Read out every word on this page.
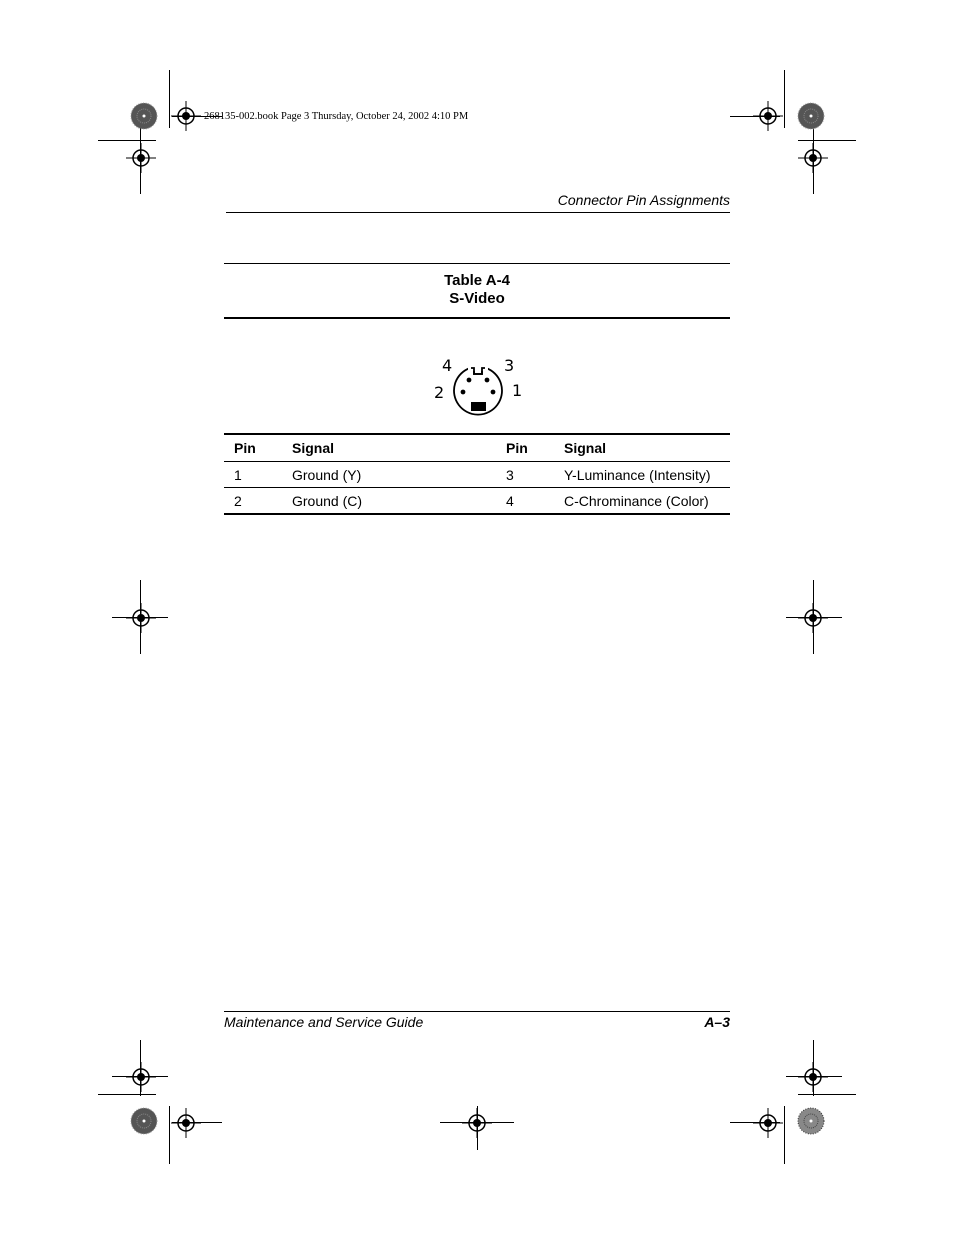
268135-002.book Page 3 Thursday, October 24, 2002 4:10 PM
Connector Pin Assignments
Table A-4
S-Video
4	3
2	1
Pin	Signal	Pin	Signal
1	Ground (Y)	3	Y-Luminance (Intensity)
2	Ground (C)	4	C-Chrominance (Color)
Maintenance and Service Guide	A–3
